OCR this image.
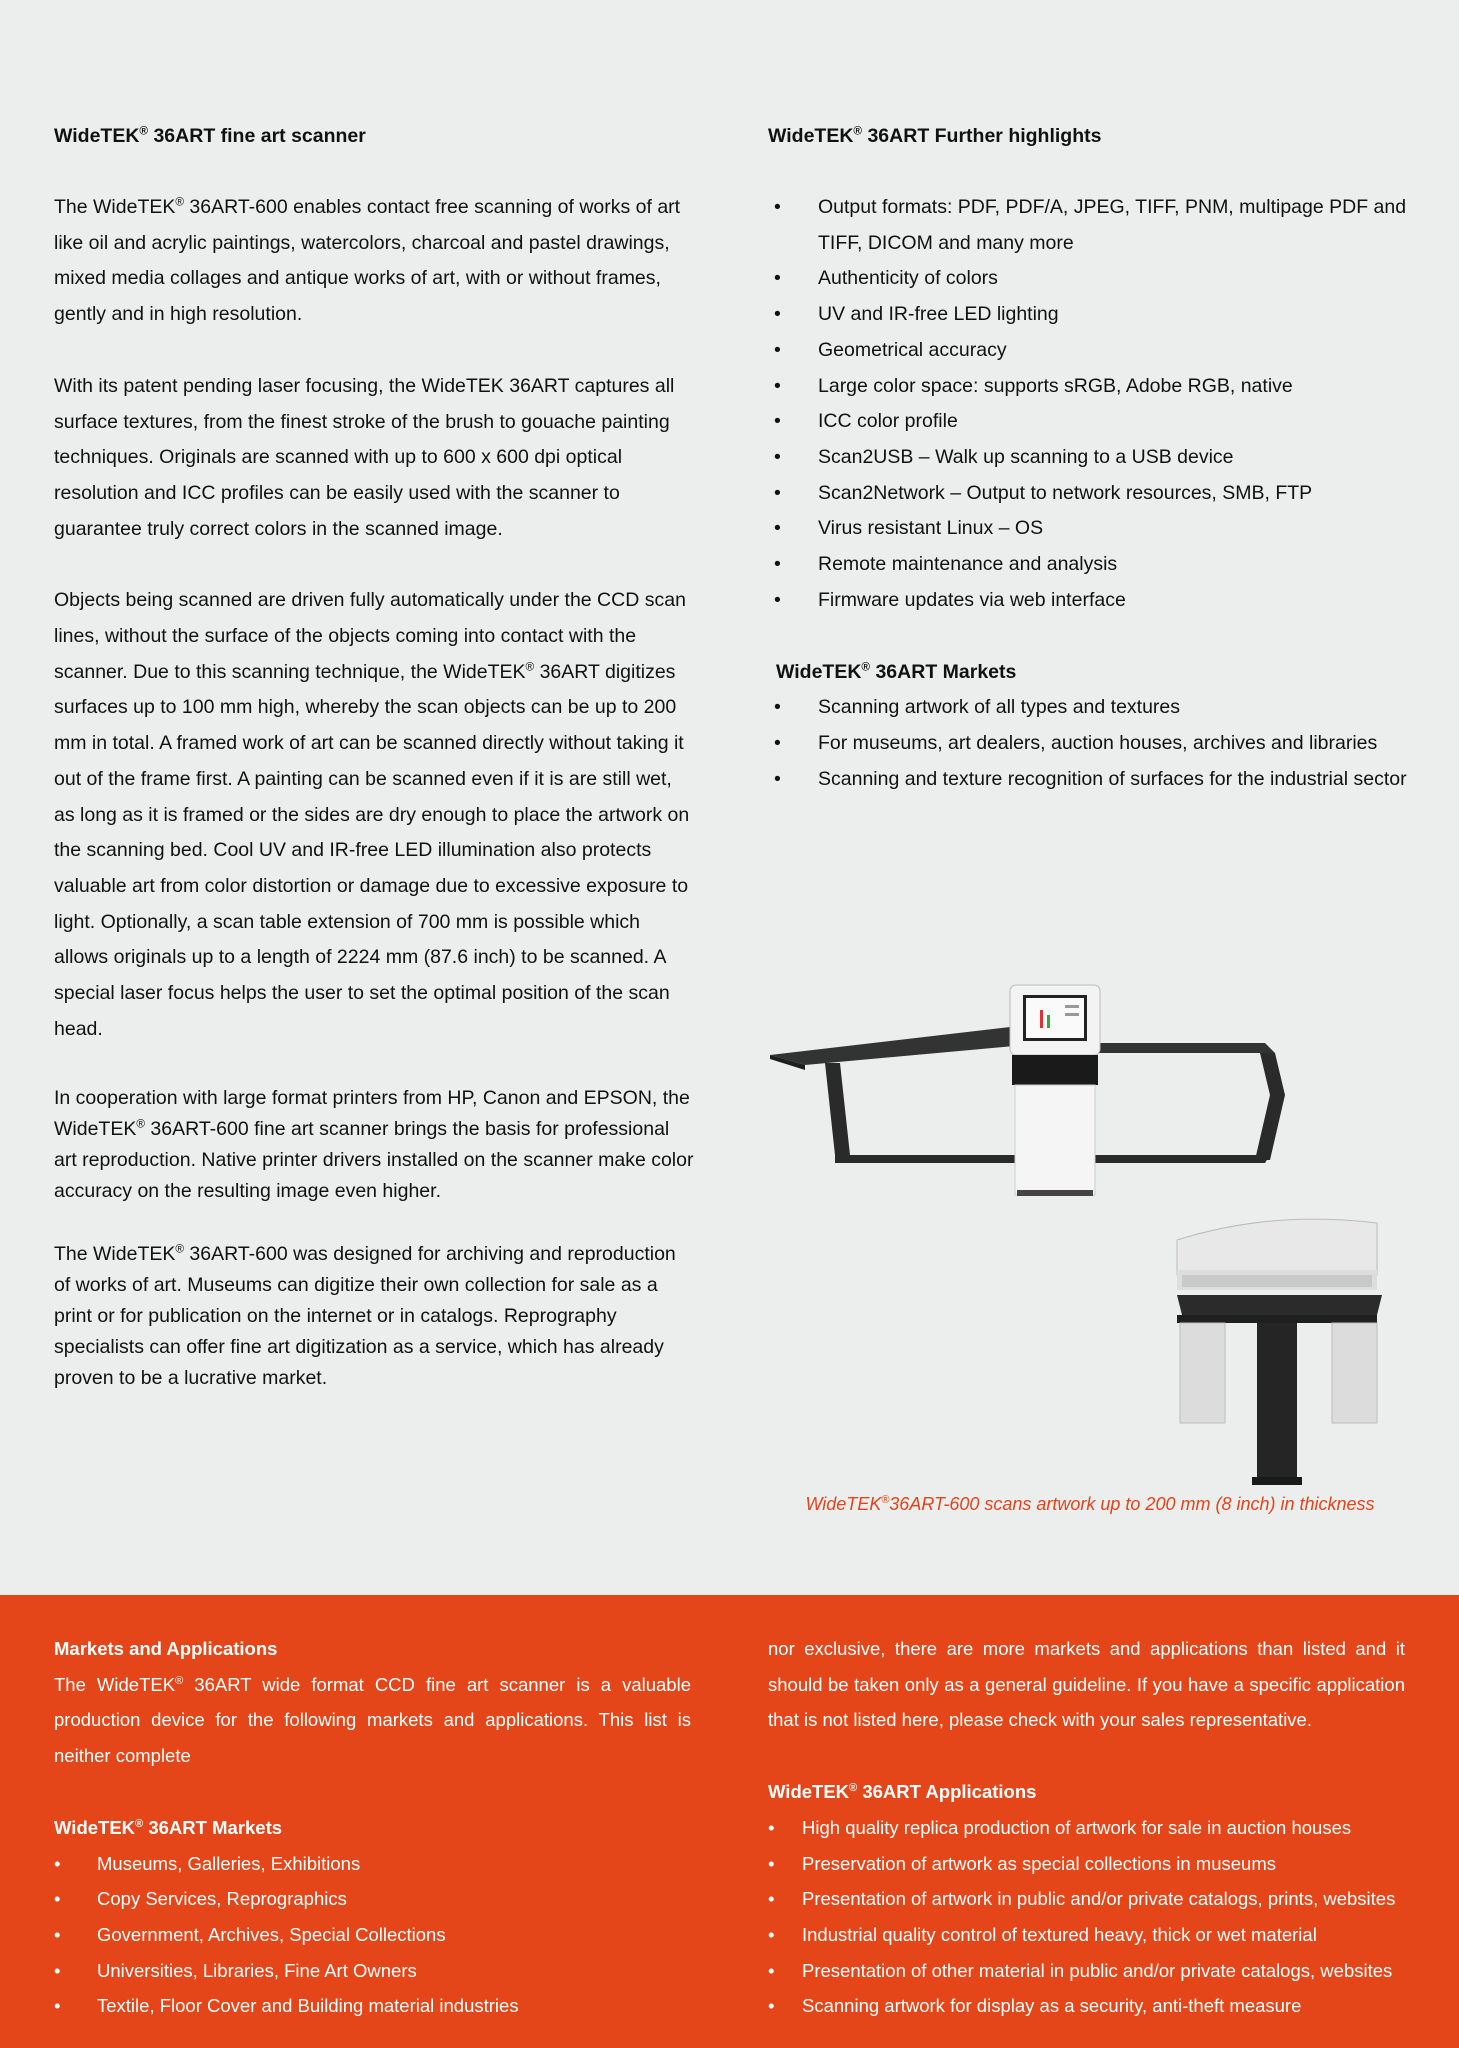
WideTEK® 36ART fine art scanner

The WideTEK® 36ART-600 enables contact free scanning of works of art like oil and acrylic paintings, watercolors, charcoal and pastel drawings, mixed media collages and antique works of art, with or without frames, gently and in high resolution.

With its patent pending laser focusing, the WideTEK 36ART captures all surface textures, from the finest stroke of the brush to gouache painting techniques. Originals are scanned with up to 600 x 600 dpi optical resolution and ICC profiles can be easily used with the scanner to guarantee truly correct colors in the scanned image.

Objects being scanned are driven fully automatically under the CCD scan lines, without the surface of the objects coming into contact with the scanner. Due to this scanning technique, the WideTEK® 36ART digitizes surfaces up to 100 mm high, whereby the scan objects can be up to 200 mm in total. A framed work of art can be scanned directly without taking it out of the frame first. A painting can be scanned even if it is are still wet, as long as it is framed or the sides are dry enough to place the artwork on the scanning bed. Cool UV and IR-free LED illumination also protects valuable art from color distortion or damage due to excessive exposure to light. Optionally, a scan table extension of 700 mm is possible which allows originals up to a length of 2224 mm (87.6 inch) to be scanned. A special laser focus helps the user to set the optimal position of the scan head.

In cooperation with large format printers from HP, Canon and EPSON, the WideTEK® 36ART-600 fine art scanner brings the basis for professional art reproduction. Native printer drivers installed on the scanner make color accuracy on the resulting image even higher.

The WideTEK® 36ART-600 was designed for archiving and reproduction of works of art. Museums can digitize their own collection for sale as a print or for publication on the internet or in catalogs. Reprography specialists can offer fine art digitization as a service, which has already proven to be a lucrative market.

WideTEK® 36ART Further highlights
• Output formats: PDF, PDF/A, JPEG, TIFF, PNM, multipage PDF and TIFF, DICOM and many more
• Authenticity of colors
• UV and IR-free LED lighting
• Geometrical accuracy
• Large color space: supports sRGB, Adobe RGB, native
• ICC color profile
• Scan2USB – Walk up scanning to a USB device
• Scan2Network – Output to network resources, SMB, FTP
• Virus resistant Linux – OS
• Remote maintenance and analysis
• Firmware updates via web interface
WideTEK® 36ART Markets
• Scanning artwork of all types and textures
• For museums, art dealers, auction houses, archives and libraries
• Scanning and texture recognition of surfaces for the industrial sector
WideTEK®36ART-600 scans artwork up to 200 mm (8 inch) in thickness
Markets and Applications

The WideTEK® 36ART wide format CCD fine art scanner is a valuable production device for the following markets and applications. This list is neither complete

WideTEK® 36ART Markets
• Museums, Galleries, Exhibitions
• Copy Services, Reprographics
• Government, Archives, Special Collections
• Universities, Libraries, Fine Art Owners
• Textile, Floor Cover and Building material industries

nor exclusive, there are more markets and applications than listed and it should be taken only as a general guideline. If you have a specific application that is not listed here, please check with your sales representative.

WideTEK® 36ART Applications
• High quality replica production of artwork for sale in auction houses
• Preservation of artwork as special collections in museums
• Presentation of artwork in public and/or private catalogs, prints, websites
• Industrial quality control of textured heavy, thick or wet material
• Presentation of other material in public and/or private catalogs, websites
• Scanning artwork for display as a security, anti-theft measure
